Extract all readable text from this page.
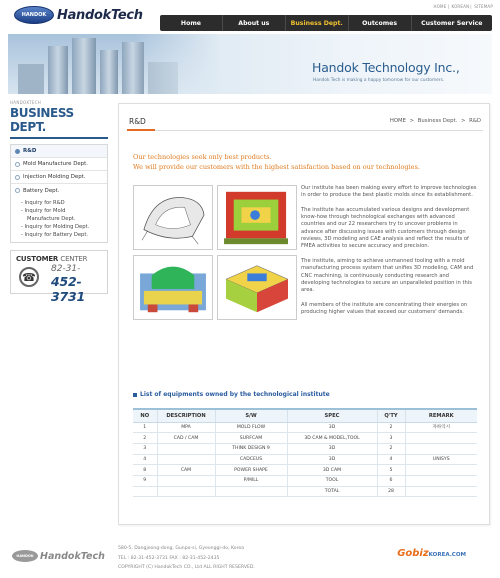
HANDOK HandokTech
HOME| KOREAN| SITEMAP
Home	About us	Business Dept.	Outcomes	Customer Service
Handok Technology Inc.,
Handok Tech is making a happy tomorrow for our customers.
HANDOKTECH
BUSINESS DEPT.
R&D
Mold Manufacture Dept.
Injection Molding Dept.
Battery Dept.
- Inquiry for R&D
- Inquiry for Mold
Manufacture Dept.
- Inquiry for Molding Dept.
- Inquiry for Battery Dept.
CUSTOMER CENTER
☎
82-31-
452-3731
R&D	HOME > Business Dept. > R&D
Our technologies seek only best products.
We will provide our customers with the highest satisfaction based on our technologies.

Our institute has been making every effort to improve technologies in order to produce the best plastic molds since its establishment.

The institute has accumulated various designs and development know-how through technological exchanges with advanced countries and our 22 researchers try to uncover problems in advance after discussing issues with customers through design reviews, 3D modeling and CAE analysis and reflect the results of FMEA activities to secure accuracy and precision.

The institute, aiming to achieve unmanned tooling with a mold manufacturing process system that unifies 3D modeling, CAM and CNC machining, is continuously conducting research and developing technologies to secure an unparalleled position in this area.

All members of the institute are concentrating their energies on producing higher values that exceed our customers' demands.

List of equipments owned by the technological institute
NO	DESCRIPTION	S/W	SPEC	Q'TY	REMARK
1	MPA	MOLD FLOW	3D	2	자하익시
2	CAD / CAM	SURFCAM	3D CAM & MODEL,TOOL	3	
3		THINK DESIGN 9	3D	2	
4		CADCEUS	3D	4	UNISYS
8	CAM	POWER SHAPE	3D CAM	5	
9		P/MILL	TOOL	6	
			TOTAL	28	
HANDOK HandokTech
580-5, Dangjeong-dong, Gunpo-si, Gyeonggi-do, Korea
TEL : 82-31-452-3731 FAX : 82-31-452-2435
COPYRIGHT (C) HandokTech CO., Ltd ALL RIGHT RESERVED.
GobizKOREA.COM
